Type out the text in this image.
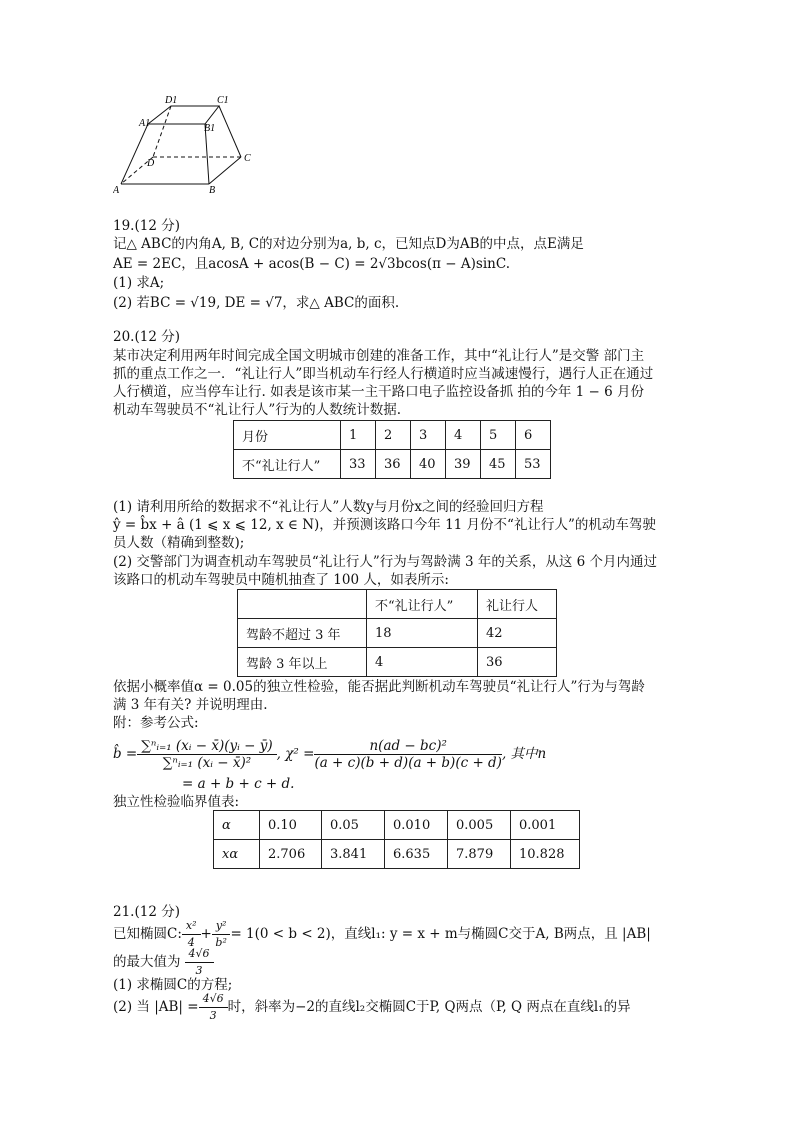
D1	C1
A1	B1
D	C
A	B
19.(12 分)
记△ ABC的内角A, B, C的对边分别为a, b, c，已知点D为AB的中点，点E满足
AE = 2EC，且acosA + acos(B − C) = 2√3bcos(π − A)sinC.
(1) 求A;
(2) 若BC = √19, DE = √7，求△ ABC的面积.
20.(12 分)
某市决定利用两年时间完成全国文明城市创建的准备工作，其中“礼让行人”是交警 部门主
抓的重点工作之一．“礼让行人”即当机动车行经人行横道时应当减速慢行，遇行人正在通过
人行横道，应当停车让行. 如表是该市某一主干路口电子监控设备抓 拍的今年 1 − 6 月份
机动车驾驶员不“礼让行人”行为的人数统计数据.
月份	1	2	3	4	5	6
不“礼让行人”	33	36	40	39	45	53
(1) 请利用所给的数据求不“礼让行人”人数y与月份x之间的经验回归方程
ŷ = b̂x + â (1 ⩽ x ⩽ 12, x ∈ N)，并预测该路口今年 11 月份不“礼让行人”的机动车驾驶
员人数（精确到整数);
(2) 交警部门为调查机动车驾驶员“礼让行人”行为与驾龄满 3 年的关系，从这 6 个月内通过
该路口的机动车驾驶员中随机抽查了 100 人，如表所示:
	不“礼让行人”	礼让行人
驾龄不超过 3 年	18	42
驾龄 3 年以上	4	36
依据小概率值α = 0.05的独立性检验，能否据此判断机动车驾驶员“礼让行人”行为与驾龄
满 3 年有关? 并说明理由.
附：参考公式:
b̂ = $\frac{\text{∑ⁿᵢ₌₁ (xᵢ − x̄)(yᵢ − ȳ)}}{\text{∑ⁿᵢ₌₁ (xᵢ − x̄)²}}$ , $\chi^2 = \frac{\text{n(ad − bc)²}}{(a + c)(b + d)(a + b)(c + d)}$ , 其中n
= a + b + c + d.
独立性检验临界值表:
α	0.10	0.05	0.010	0.005	0.001
xα	2.706	3.841	6.635	7.879	10.828
21.(12 分)
已知椭圆C: $\frac{\text{x²}}{4} + \frac{\text{y²}}{\text{b²}} = 1(0 < b < 2)$，直线l₁: y = x + m与椭圆C交于A, B两点，且 |AB|
的最大值为 $\frac{4√6}{3}$
(1) 求椭圆C的方程;
(2) 当 $|AB| = \frac{4√6}{3}$ 时，斜率为−2的直线l₂交椭圆C于P, Q两点（P, Q 两点在直线l₁的异
